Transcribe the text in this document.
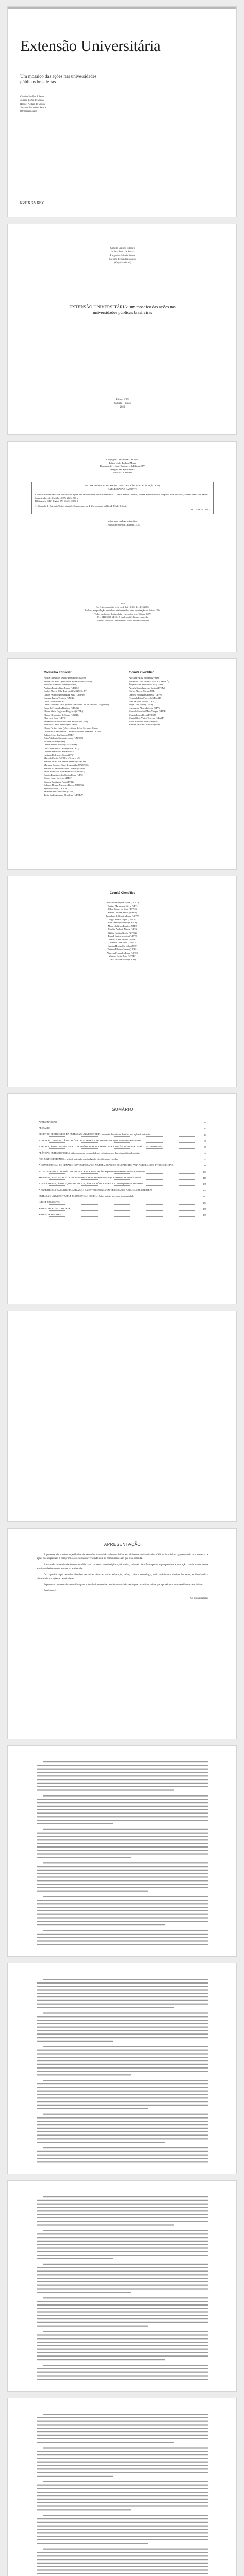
Extensão Universitária
Um mosaico das ações nas universidades públicas brasileiras
Camilo Sanfins Ribeiro
Juliana Porto de Souza
Raquel Ardais de Souza
Stefano Perna dos Santos
(Organizadores)
EDITORA CRV
Camilo Sanfins Ribeiro
Juliana Porto de Souza
Raquel Ardais de Souza
Stefano Perna dos Santos
(Organizadores)
EXTENSÃO UNIVERSITÁRIA: um mosaico das ações nas universidades públicas brasileiras
Editora CRV
Curitiba – Brasil
2023
Copyright © da Editora CRV Ltda.
Editor-chefe: Railson Moura
Diagramação e Capa: Designers da Editora CRV
Imagem de Capa: Freepik
Revisão: Os Autores
DADOS INTERNACIONAIS DE CATALOGAÇÃO NA PUBLICAÇÃO (CIP)
CATALOGAÇÃO NA FONTE
Extensão Universitária: um mosaico das ações nas universidades públicas brasileiras / Camilo Sanfins Ribeiro, Juliana Porto de Souza, Raquel Ardais de Souza, Stefano Perna dos Santos (organizadores) – Curitiba : CRV, 2023. 200 p.
Bibliografia ISBN Digital 978-65-251-0000-0
1. Educação 2. Extensão Universitária 3. Ensino superior 4. Universidade pública I. Título II. Série
CDU 378 CDD 378.1
Índice para catálogo sistemático
1. Educação superior – Ensino – 378
2023
Foi feito o depósito legal conf. Lei 10.994 de 14/12/2004
Proibida a reprodução parcial ou total desta obra sem autorização da Editora CRV
Todos os direitos desta edição reservados pela: Editora CRV
Tel.: (41) 3039-6418 – E-mail: sac@editoracrv.com.br
Conheça os nossos lançamentos: www.editoracrv.com.br
Conselho Editorial:
Aldira Guimarães Duarte Domínguez (UNB)
Andréia da Silva Quintanilha Sousa (UNIR/UFRN)
Anselmo Alencar Colares (UFOPA)
Antônio Pereira Gaio Júnior (UFRRJ)
Carlos Alberto Vilar Estêvão (UMINHO – PT)
Carlos Federico Dominguez Avila (Unieuro)
Carmen Tereza Velanga (UNIR)
Celso Conti (UFSCar)
Cesar Gerónimo Tello (Univer. Nacional Três de Febrero – Argentina)
Eduardo Fernandes Barbosa (UFMG)
Elione Maria Nogueira Diogenes (UFAL)
Elizeu Clementino de Souza (UNEB)
Élsio José Corá (UFFS)
Fernando Antônio Gonçalves Alcoforado (IPB)
Francisco Carlos Duarte (PUC-PR)
Gloria Fariñas León (Universidade de La Havana – Cuba)
Guillermo Arias Beatón (Universidade de La Havana – Cuba)
Jailson Alves dos Santos (UFRJ)
João Adalberto Campato Junior (UNESP)
Josania Portela (UFPI)
Leonel Severo Rocha (UNISINOS)
Lídia de Oliveira Xavier (UNIEURO)
Lourdes Helena da Silva (UFV)
Luciano Rodrigues Costa (UFV)
Marcelo Paixão (UFRJ e UTexas – US)
Maria Cristina dos Santos Bezerra (UFSCar)
Maria de Lourdes Pinto de Almeida (UNOESC)
Maria Lília Imbiriba Sousa Colares (UFOPA)
Paulo Romualdo Hernandes (UNIFAL-MG)
Renato Francisco dos Santos Paula (UFG)
Sérgio Nunes de Jesus (IFRO)
Simone Rodrigues Pinto (UNB)
Solange Helena Ximenes-Rocha (UFOPA)
Sydione Santos (UEPG)
Tadeu Oliver Gonçalves (UFPA)
Tania Suely Azevedo Brasileiro (UFOPA)
Comitê Científico:
Alexandre Luiz Polizel (UFMS)
Anderson Luiz Tedesco (UNOCHAPECÓ)
Ângela Mara de Barros Lara (UEM)
Andréa Gonçalves dos Santos (UFSM)
Carlos Alberto Vieira (UEL)
Daniela Rodrigues Ferreira (UFPB)
Fernanda Ester Flores (UNEMAT)
Ione da Silva Jovino (UEPG)
Jorge Luiz Vieira (UNIR)
Luciana de Almeida Leite (UFV)
Marcelo Siqueira Maia Vinagre (UFPR)
Marcia Lopes Reis (UNESP)
Maria Odete Vieira Tenreiro (UFAM)
Paulo Henrique Tomazini (UFC)
Simone Teresinha Gnoatto (UFSC)
Comitê Científico
Alessandra Regina Vieira (UFMT)
Denise Marques da Silva (UFT)
Edna Gomes da Silva (UFAC)
Elaine Cristina Bastos (UFRR)
Jaqueline de Oliveira Lima (UFPA)
Jorge Alberto Lopes (UFAM)
Luís Henrique Matos (UFMA)
Maria da Graça Pereira (UFPI)
Marília Andrade Nunes (UFC)
Nádia Cristina Rocha (UFRN)
Rafael Santos Moreira (UFPB)
Renata Alves Feitosa (UFPE)
Roberto Luiz Pinto (UFAL)
Sandra Helena Carvalho (UFS)
Tatiana Ribeiro Gomes (UFBA)
Vanessa Fernandes Lima (UFES)
Wagner Costa Brito (UFMG)
Yara Teixeira Mello (UFRJ)
SUMÁRIO
APRESENTAÇÃO	11
PREFÁCIO	13
REGISTRO ELETRÔNICO DA EXTENSÃO UNIVERSITÁRIA: memória, diretrizes e desafios nas ações de extensão	15
EXTENSÃO UNIVERSITÁRIA: AÇÕES DE EXTENSÃO: um panorama das ações extensionistas na UFPel	31
A PRODUÇÃO DE CONHECIMENTO ACADÊMICO: PERCEBENDO AS EXPERIÊNCIAS DA EXTENSÃO UNIVERSITÁRIA	47
PRÁTICAS EXTENSIONISTAS: diálogos com a comunidade no enfrentamento das vulnerabilidades sociais	59
NÓS JUNTOS PODEMOS – ação de extensão em divulgação científica com escolas	73
A CONTRIBUIÇÃO DO CENÁRIO CONTEMPORÂNEO NA FORMAÇÃO DE EDUCADORES PARA AS RELAÇÕES ÉTNICO-RACIAIS	89
ATIVIDADES DE EXTENSÃO EM TECNOLOGIA E EDUCAÇÃO: experiências de ensino remoto e presencial	103
SEGURANÇA E EDUCAÇÃO EXTENSIONISTA: relato de extensão da Liga Acadêmica de Saúde Coletiva	119
A IMPLEMENTAÇÃO DE AÇÕES DE EDUCAÇÃO EM SAÚDE NA ESCOLA: uma experiência de extensão	135
A EXPERIÊNCIA DA CURRICULARIZAÇÃO DA EXTENSÃO NAS UNIVERSIDADES PÚBLICAS BRASILEIRAS	151
EXTENSÃO UNIVERSITÁRIA E PARTICIPAÇÃO SOCIAL: Ações na interface com a comunidade	167
ÍNDICE REMISSIVO	183
SOBRE OS ORGANIZADORES	187
SOBRE OS AUTORES	189
APRESENTAÇÃO

A presente obra reúne experiências de extensão universitária desenvolvidas em diferentes universidades públicas brasileiras, apresentando um mosaico de ações que expressam o compromisso social da universidade com as comunidades em que está inserida.

A extensão universitária é compreendida como processo interdisciplinar, educativo, cultural, científico e político que promove a interação transformadora entre a universidade e outros setores da sociedade.

Os capítulos aqui reunidos abordam temáticas diversas, como educação, saúde, cultura, tecnologia, meio ambiente e direitos humanos, evidenciando a pluralidade das ações extensionistas.

Esperamos que esta obra contribua para o fortalecimento da extensão universitária e inspire novas iniciativas que aproximem a universidade da sociedade.

Boa leitura!

Os organizadores
